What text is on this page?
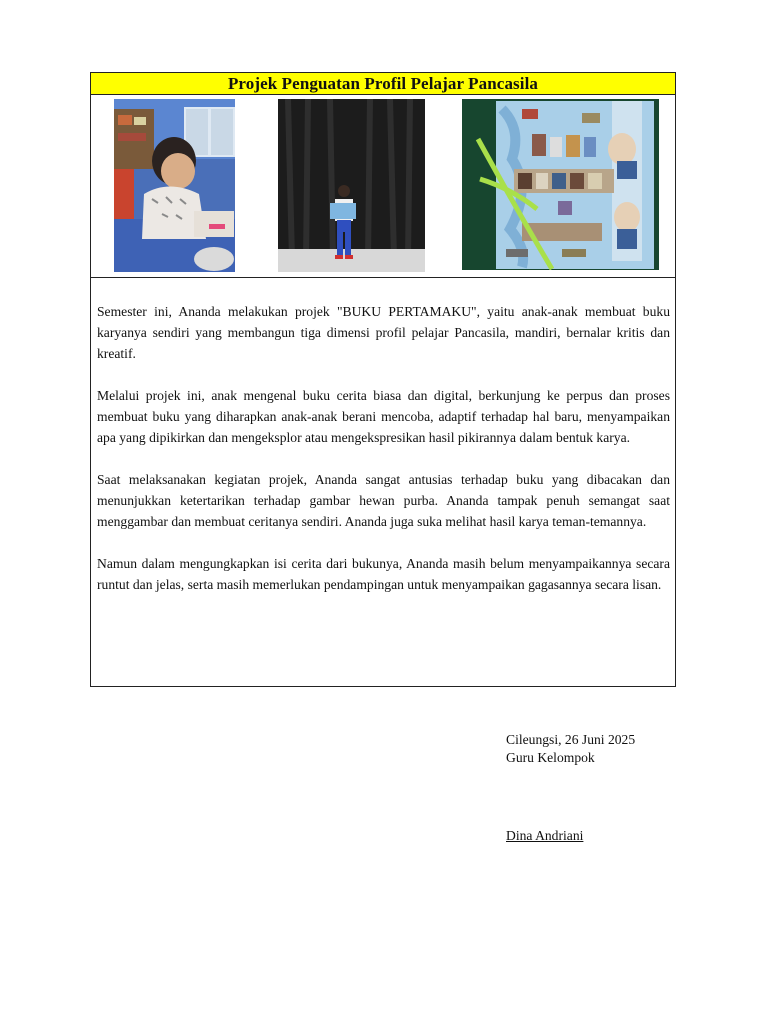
Projek Penguatan Profil Pelajar Pancasila

Semester ini, Ananda melakukan projek "BUKU PERTAMAKU", yaitu anak-anak membuat buku karyanya sendiri yang membangun tiga dimensi profil pelajar Pancasila, mandiri, bernalar kritis dan kreatif.

Melalui projek ini, anak mengenal buku cerita biasa dan digital, berkunjung ke perpus dan proses membuat buku yang diharapkan anak-anak berani mencoba, adaptif terhadap hal baru, menyampaikan apa yang dipikirkan dan mengeksplor atau mengekspresikan hasil pikirannya dalam bentuk karya.

Saat melaksanakan kegiatan projek, Ananda sangat antusias terhadap buku yang dibacakan dan menunjukkan ketertarikan terhadap gambar hewan purba. Ananda tampak penuh semangat saat menggambar dan membuat ceritanya sendiri. Ananda juga suka melihat hasil karya teman-temannya.

Namun dalam mengungkapkan isi cerita dari bukunya, Ananda masih belum menyampaikannya secara runtut dan jelas, serta masih memerlukan pendampingan untuk menyampaikan gagasannya secara lisan.

Cileungsi, 26 Juni 2025
Guru Kelompok
Dina Andriani
